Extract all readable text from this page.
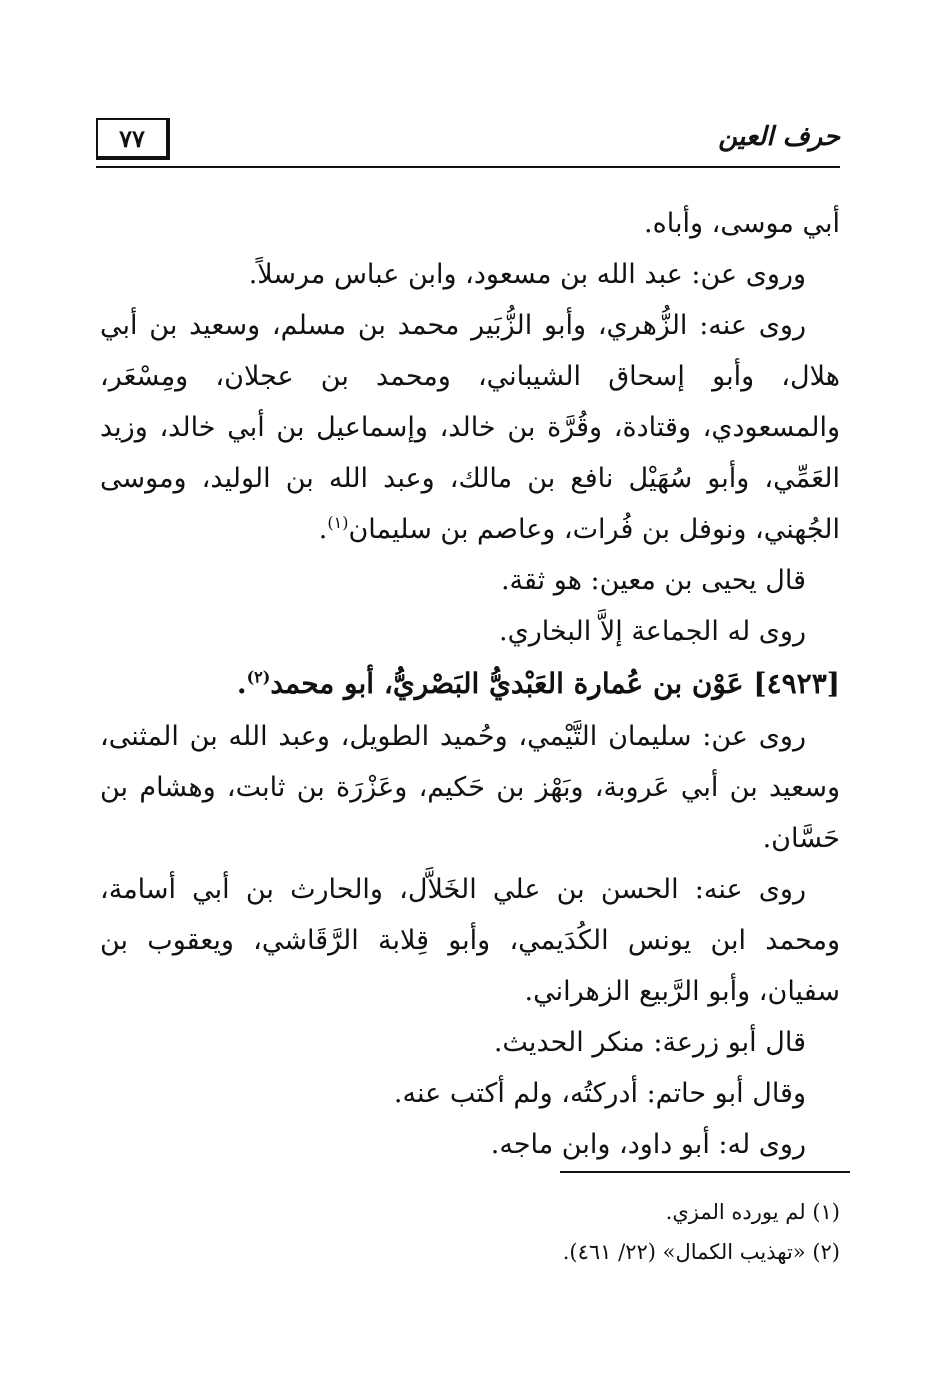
٧٧	حرف العين

أبي موسى، وأباه.

وروى عن: عبد الله بن مسعود، وابن عباس مرسلاً.

روى عنه: الزُّهري، وأبو الزُّبَير محمد بن مسلم، وسعيد بن أبي هلال، وأبو إسحاق الشيباني، ومحمد بن عجلان، ومِسْعَر، والمسعودي، وقتادة، وقُرَّة بن خالد، وإسماعيل بن أبي خالد، وزيد العَمِّي، وأبو سُهَيْل نافع بن مالك، وعبد الله بن الوليد، وموسى الجُهني، ونوفل بن فُرات، وعاصم بن سليمان$^{(١)}$.

قال يحيى بن معين: هو ثقة.

روى له الجماعة إلاَّ البخاري.

[٤٩٢٣] عَوْن بن عُمارة العَبْديُّ البَصْريُّ، أبو محمد$^{(٢)}$.

روى عن: سليمان التَّيْمي، وحُميد الطويل، وعبد الله بن المثنى، وسعيد بن أبي عَروبة، وبَهْز بن حَكيم، وعَزْرَة بن ثابت، وهشام بن حَسَّان.

روى عنه: الحسن بن علي الخَلاَّل، والحارث بن أبي أسامة، ومحمد ابن يونس الكُدَيمي، وأبو قِلابة الرَّقَاشي، ويعقوب بن سفيان، وأبو الرَّبيع الزهراني.

قال أبو زرعة: منكر الحديث.

وقال أبو حاتم: أدركتُه، ولم أكتب عنه.

روى له: أبو داود، وابن ماجه.

(١) لم يورده المزي.

(٢) «تهذيب الكمال» (٢٢/ ٤٦١).
